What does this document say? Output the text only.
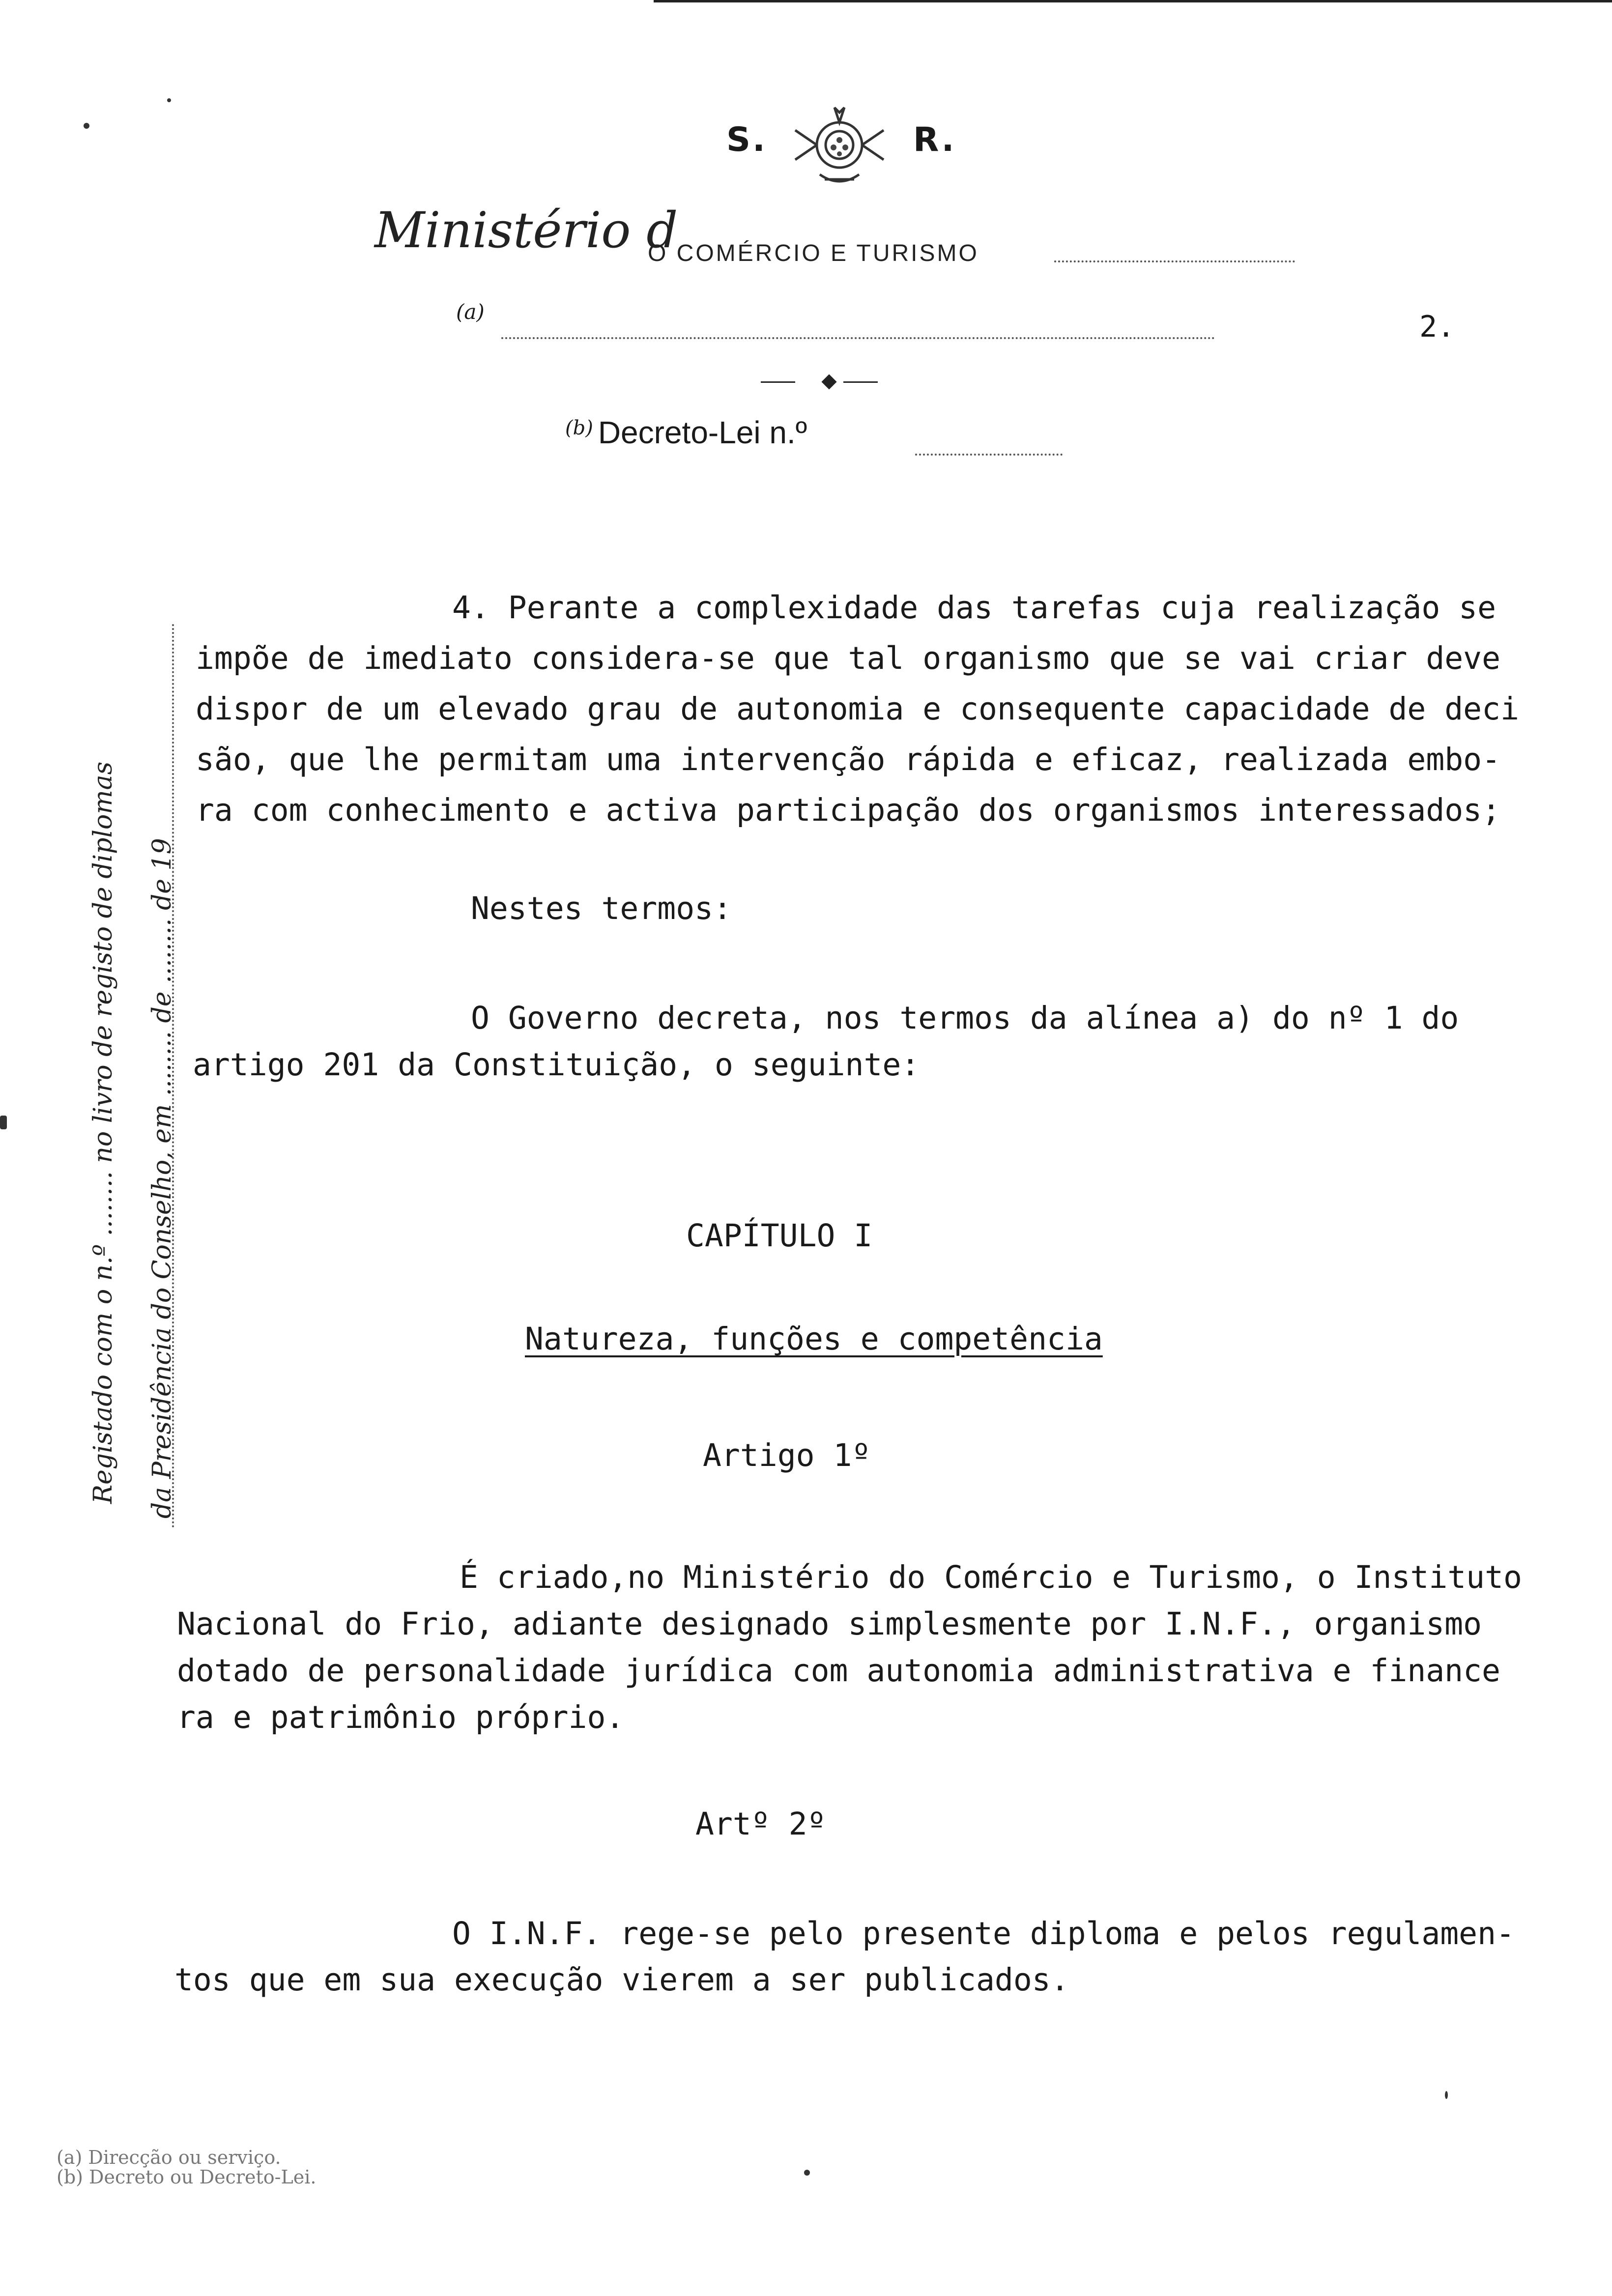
S.	R.
Ministério d
O COMÉRCIO E TURISMO
(a)	2.
$^{(b)}$ Decreto-Lei n.º
Registado com o n.º ........ no livro de registo de diplomas da Presidência do Conselho, em ........ de ........ de 19
4. Perante a complexidade das tarefas cuja realização se
impõe de imediato considera-se que tal organismo que se vai criar deve
dispor de um elevado grau de autonomia e consequente capacidade de deci
são, que lhe permitam uma intervenção rápida e eficaz, realizada embo-
ra com conhecimento e activa participação dos organismos interessados;
Nestes termos:
O Governo decreta, nos termos da alínea a) do nº 1 do
artigo 201 da Constituição, o seguinte:
CAPÍTULO I
Natureza, funções e competência
Artigo 1º
É criado,no Ministério do Comércio e Turismo, o Instituto
Nacional do Frio, adiante designado simplesmente por I.N.F., organismo
dotado de personalidade jurídica com autonomia administrativa e finance
ra e patrimônio próprio.
Artº 2º
O I.N.F. rege-se pelo presente diploma e pelos regulamen-
tos que em sua execução vierem a ser publicados.
(a) Direcção ou serviço.
(b) Decreto ou Decreto-Lei.
